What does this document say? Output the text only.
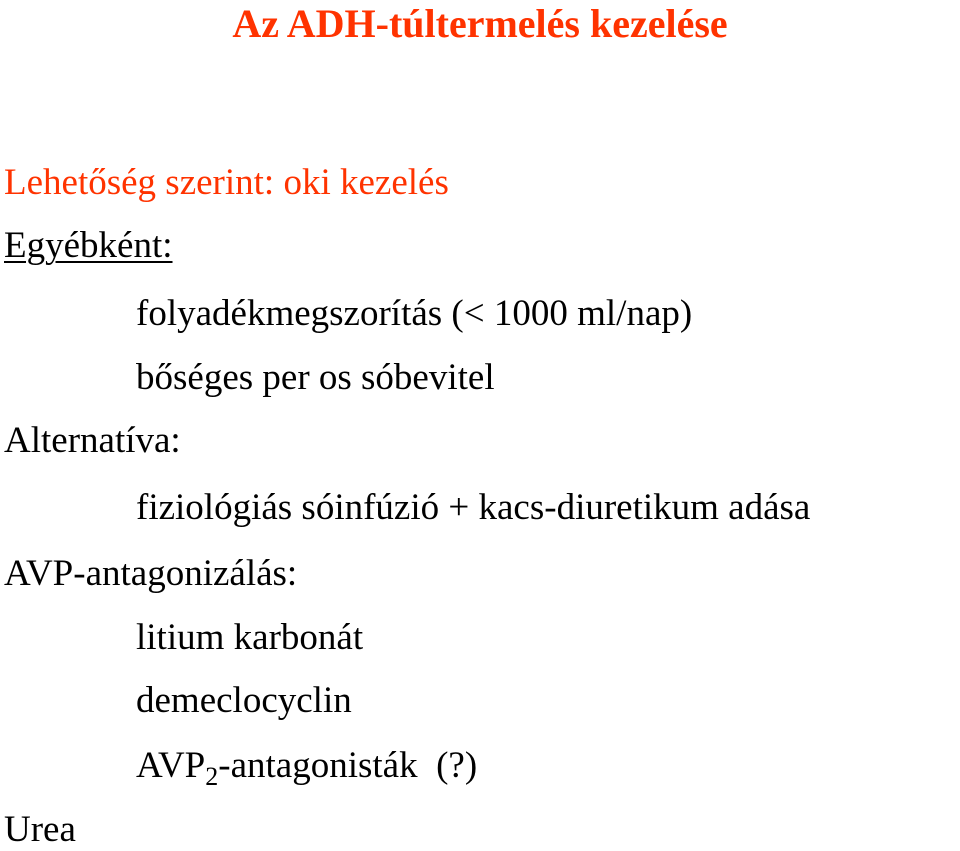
Az ADH-túltermelés kezelése
Lehetőség szerint: oki kezelés
Egyébként:
folyadékmegszorítás (< 1000 ml/nap)
bőséges per os sóbevitel
Alternatíva:
fiziológiás sóinfúzió + kacs-diuretikum adása
AVP-antagonizálás:
litium karbonát
demeclocyclin
$AVP_2$-antagonisták  (?)
Urea
